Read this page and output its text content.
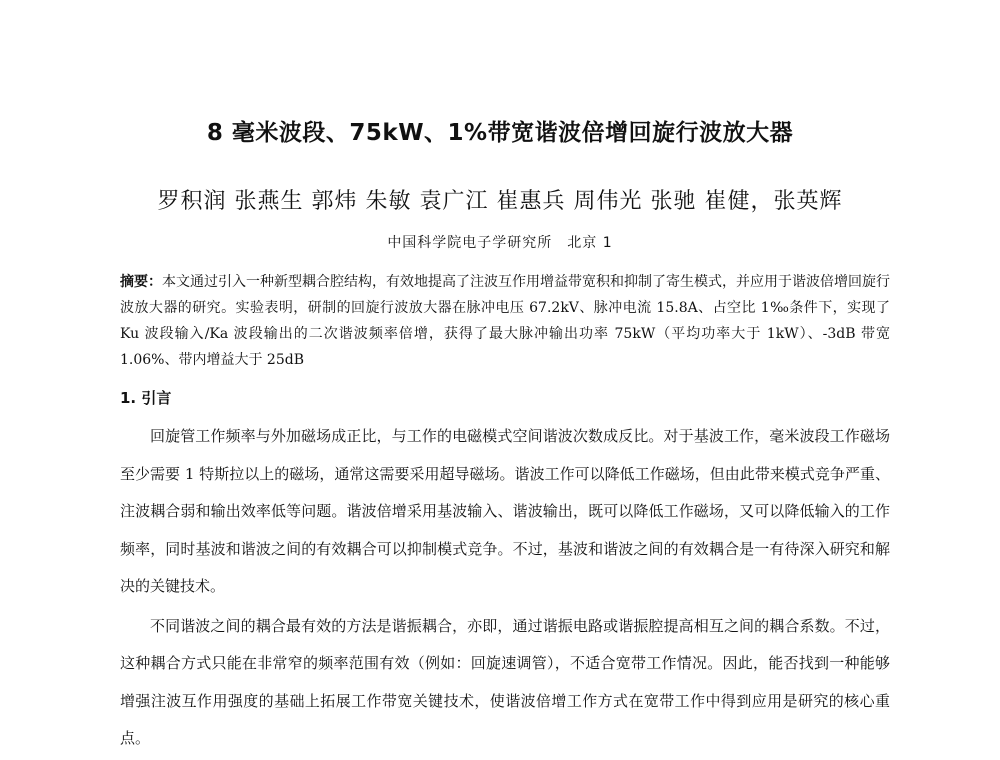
8 毫米波段、75kW、1%带宽谐波倍增回旋行波放大器
罗积润 张燕生 郭炜 朱敏 袁广江 崔惠兵 周伟光 张驰 崔健，张英辉
中国科学院电子学研究所　北京 1
摘要：本文通过引入一种新型耦合腔结构，有效地提高了注波互作用增益带宽积和抑制了寄生模式，并应用于谐波倍增回旋行波放大器的研究。实验表明，研制的回旋行波放大器在脉冲电压 67.2kV、脉冲电流 15.8A、占空比 1‰条件下，实现了 Ku 波段输入/Ka 波段输出的二次谐波频率倍增，获得了最大脉冲输出功率 75kW（平均功率大于 1kW）、-3dB 带宽 1.06%、带内增益大于 25dB
1. 引言

回旋管工作频率与外加磁场成正比，与工作的电磁模式空间谐波次数成反比。对于基波工作，毫米波段工作磁场至少需要 1 特斯拉以上的磁场，通常这需要采用超导磁场。谐波工作可以降低工作磁场，但由此带来模式竞争严重、注波耦合弱和输出效率低等问题。谐波倍增采用基波输入、谐波输出，既可以降低工作磁场，又可以降低输入的工作频率，同时基波和谐波之间的有效耦合可以抑制模式竞争。不过，基波和谐波之间的有效耦合是一有待深入研究和解决的关键技术。

不同谐波之间的耦合最有效的方法是谐振耦合，亦即，通过谐振电路或谐振腔提高相互之间的耦合系数。不过，这种耦合方式只能在非常窄的频率范围有效（例如：回旋速调管），不适合宽带工作情况。因此，能否找到一种能够增强注波互作用强度的基础上拓展工作带宽关键技术，使谐波倍增工作方式在宽带工作中得到应用是研究的核心重点。
